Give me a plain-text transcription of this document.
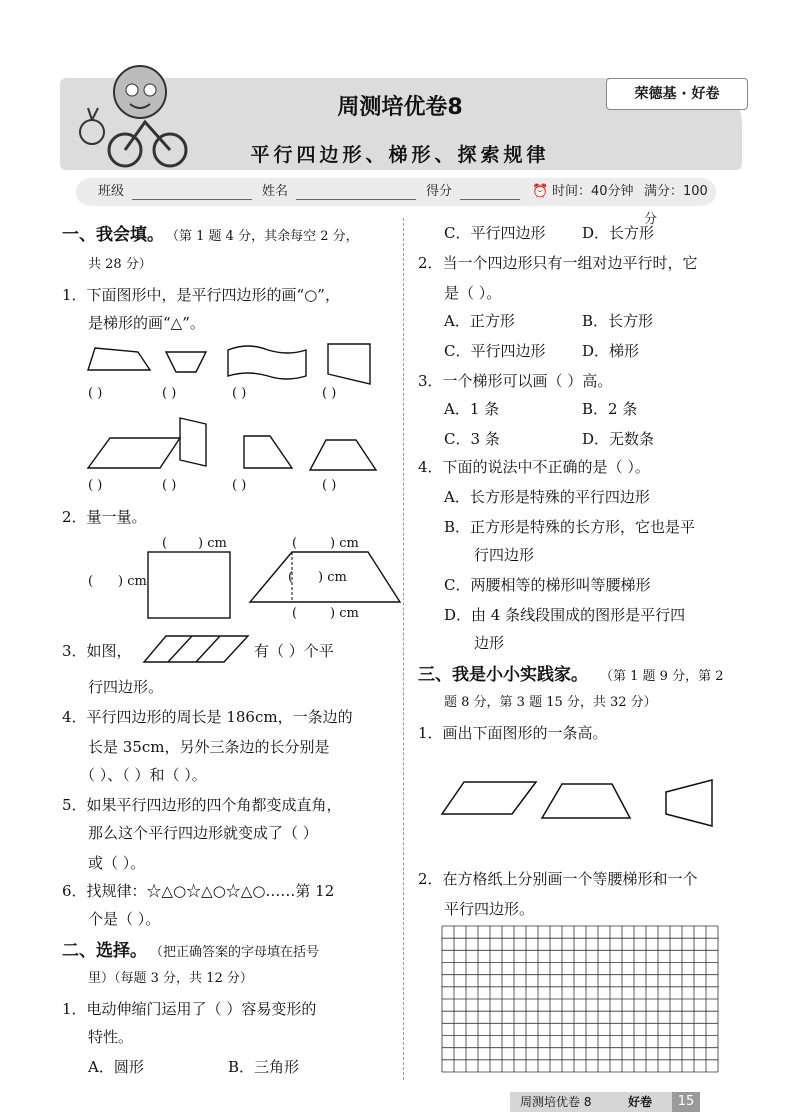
荣德基 · 好卷
周测培优卷8
平行四边形、梯形、探索规律
班级	姓名	得分	⏰ 时间：40分钟 满分：100分
一、我会填。 （第 1 题 4 分，其余每空 2 分，
共 28 分）
1．下面图形中，是平行四边形的画“○”，
是梯形的画“△”。
( )	( )	( )	( )
( )	( )	( )	( )
2．量一量。
( ) cm
( ) cm
(	) cm
( ) cm
(	) cm
3．如图，	有（ ）个平
行四边形。
4．平行四边形的周长是 186cm，一条边的
长是 35cm，另外三条边的长分别是
（ ）、（ ）和（ ）。
5．如果平行四边形的四个角都变成直角，
那么这个平行四边形就变成了（ ）
或（ ）。
6．找规律：☆△○☆△○☆△○……第 12
个是（ ）。
二、选择。 （把正确答案的字母填在括号
里）（每题 3 分，共 12 分）
1．电动伸缩门运用了（ ）容易变形的
特性。
A．圆形	B．三角形
C．平行四边形 D．长方形
2．当一个四边形只有一组对边平行时，它
是（ ）。
A．正方形	B．长方形
C．平行四边形 D．梯形
3．一个梯形可以画（ ）高。
A．1 条	B．2 条
C．3 条	D．无数条
4．下面的说法中不正确的是（ ）。
A．长方形是特殊的平行四边形
B．正方形是特殊的长方形，它也是平
行四边形
C．两腰相等的梯形叫等腰梯形
D．由 4 条线段围成的图形是平行四
边形
三、我是小小实践家。 （第 1 题 9 分，第 2
题 8 分，第 3 题 15 分，共 32 分）
1．画出下面图形的一条高。
2．在方格纸上分别画一个等腰梯形和一个
平行四边形。
周测培优卷 8	好卷	15
